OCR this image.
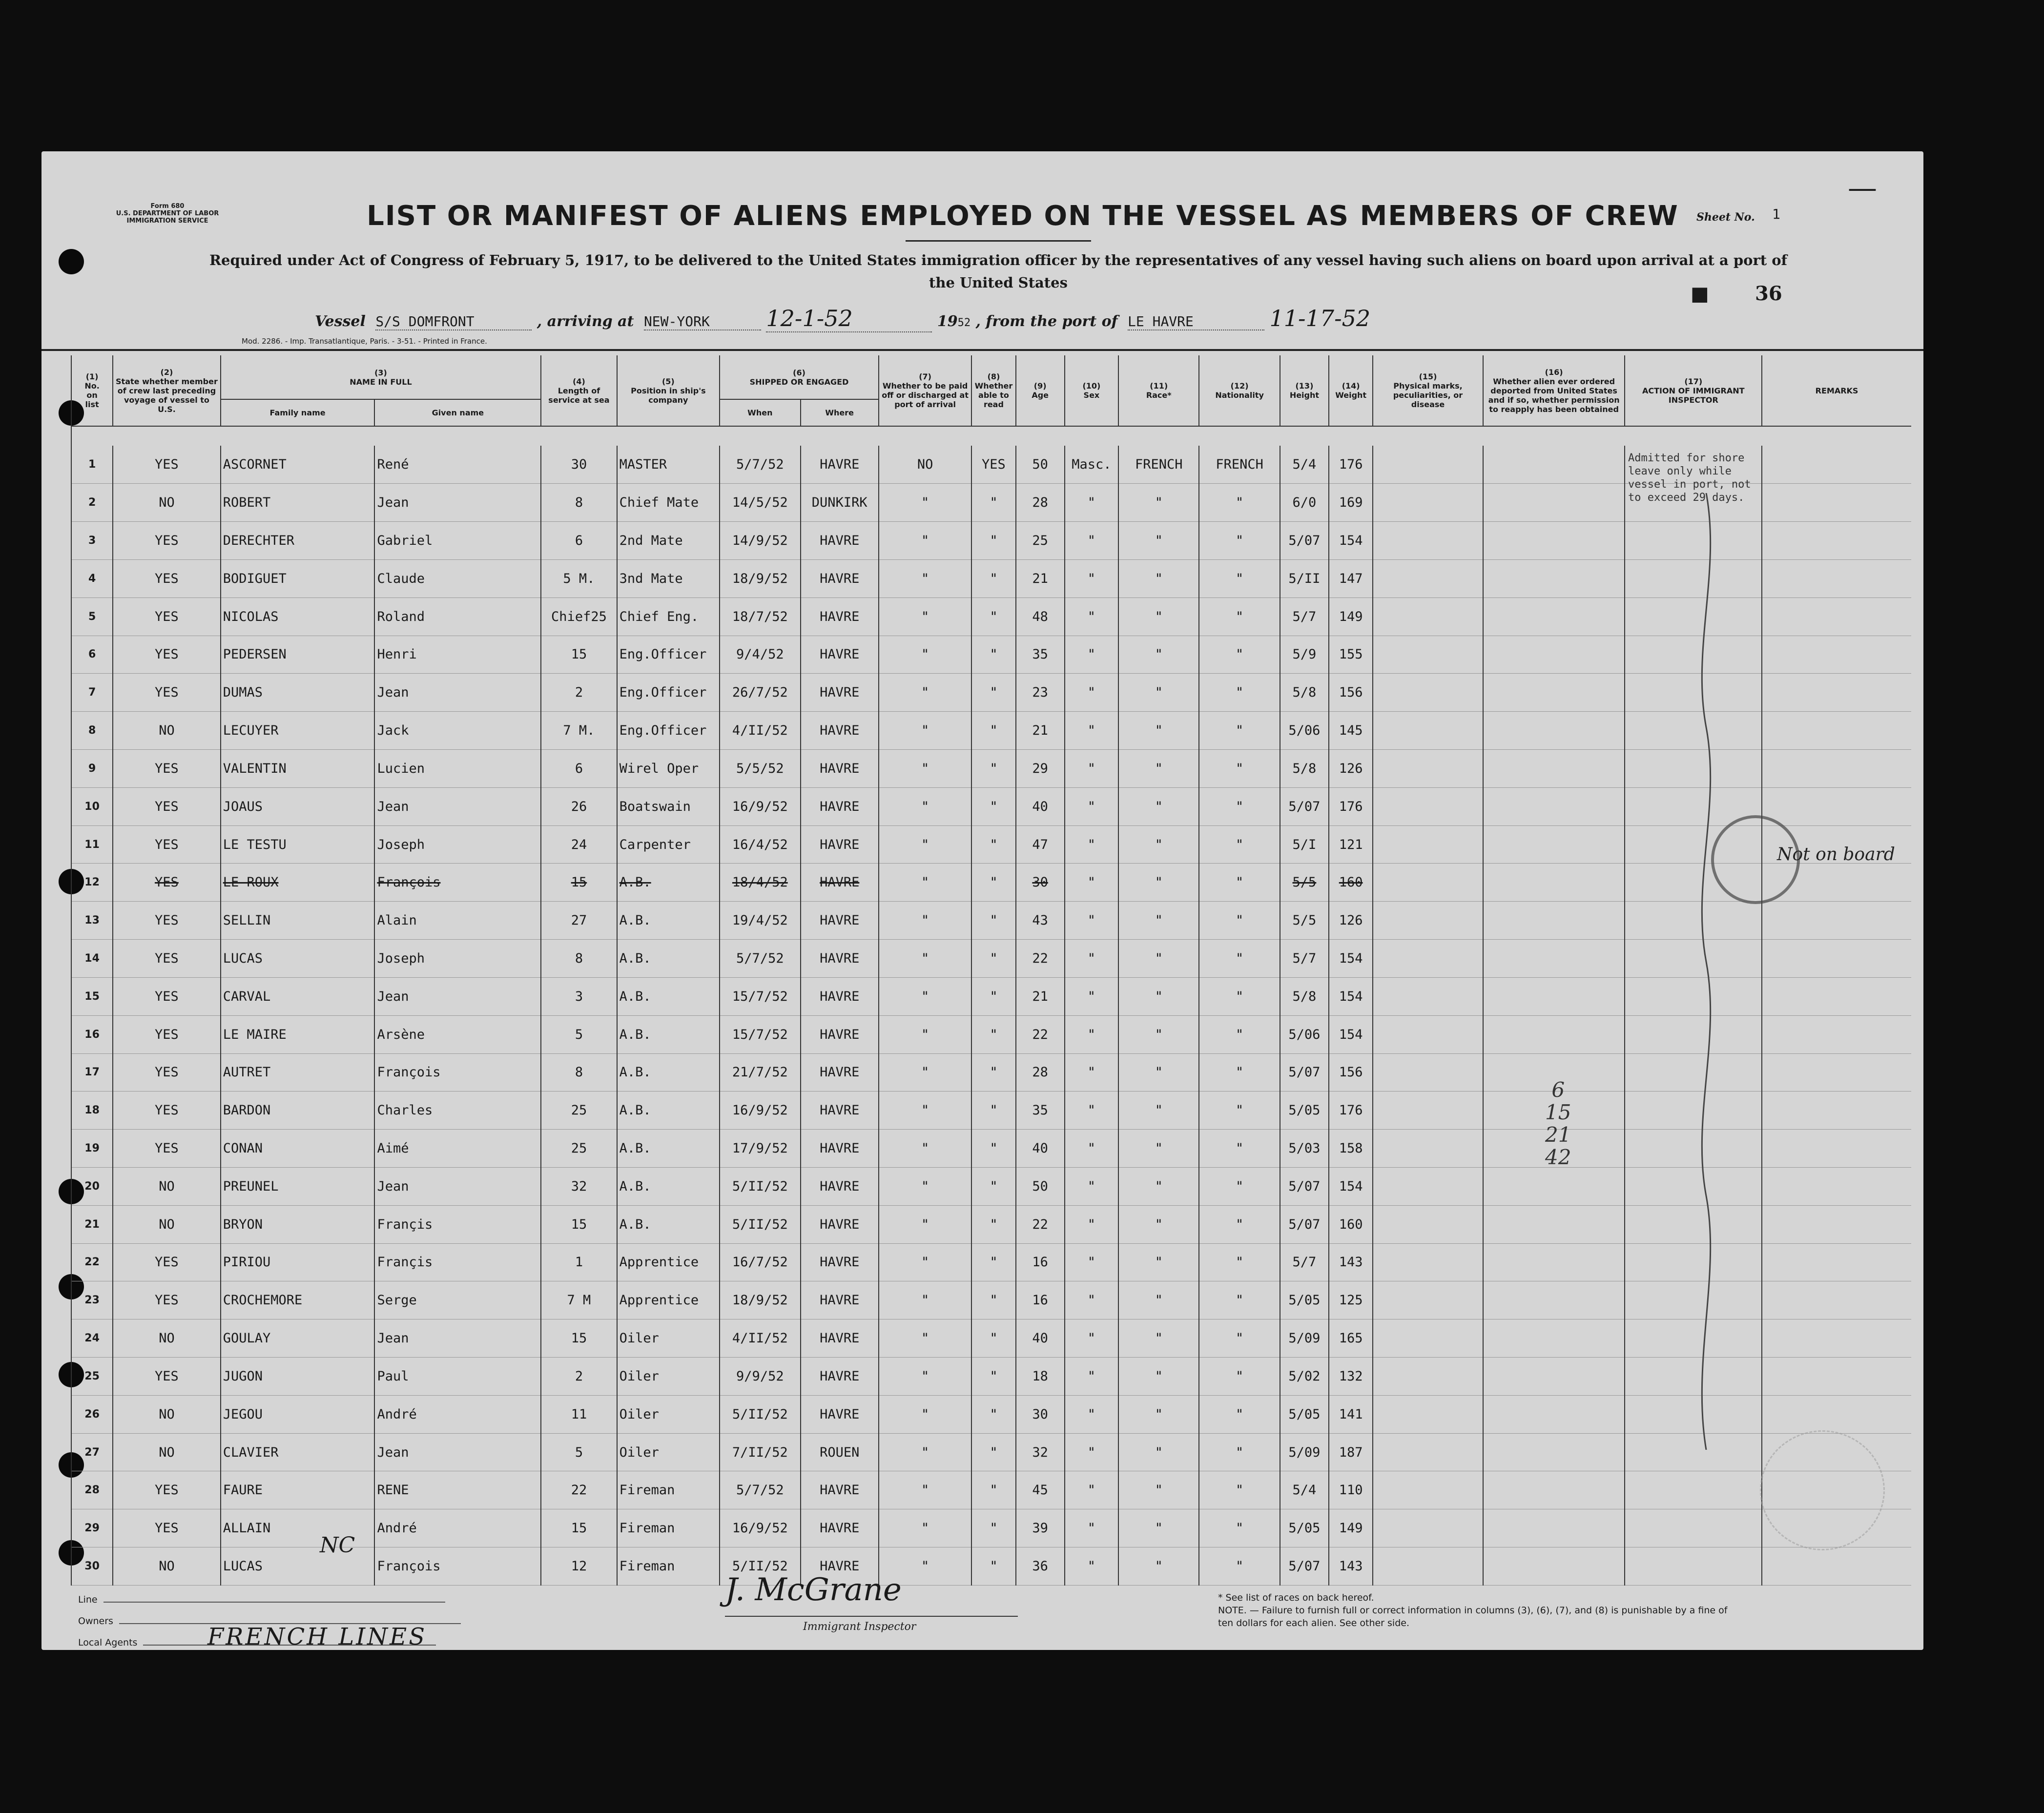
Form 680
U.S. DEPARTMENT OF LABOR
IMMIGRATION SERVICE	LIST OR MANIFEST OF ALIENS EMPLOYED ON THE VESSEL AS MEMBERS OF CREW	Sheet No. 1
—
Required under Act of Congress of February 5, 1917, to be delivered to the United States immigration officer by the representatives of any vessel having such aliens on board upon arrival at a port of the United States	■ 36
Vessel S/S DOMFRONT	, arriving at NEW-YORK	12-1-52	1952 , from the port of LE HAVRE	11-17-52
Mod. 2286. - Imp. Transatlantique, Paris. - 3-51. - Printed in France.
(1)
No.
on
list	(2)
State whether member of crew last preceding voyage of vessel to U.S.	(3)
NAME IN FULL		(4)
Length of service at sea	(5)
Position in ship's company	(6)
SHIPPED OR ENGAGED		(7)
Whether to be paid off or discharged at port of arrival	(8)
Whether able to read	(9)
Age	(10)
Sex	(11)
Race*	(12)
Nationality	(13)
Height	(14)
Weight	(15)
Physical marks, peculiarities, or disease	(16)
Whether alien ever ordered deported from United States and if so, whether permission to reapply has been obtained	(17)
ACTION OF IMMIGRANT INSPECTOR	REMARKS
		Family name	Given name			When	Where												

1	YES	ASCORNET	René	30	MASTER	5/7/52	HAVRE	NO	YES	50	Masc.	FRENCH	FRENCH	5/4	176				
2	NO	ROBERT	Jean	8	Chief Mate	14/5/52	DUNKIRK	"	"	28	"	"	"	6/0	169				
3	YES	DERECHTER	Gabriel	6	2nd Mate	14/9/52	HAVRE	"	"	25	"	"	"	5/07	154				
4	YES	BODIGUET	Claude	5 M.	3nd Mate	18/9/52	HAVRE	"	"	21	"	"	"	5/II	147				
5	YES	NICOLAS	Roland	Chief25	Chief Eng.	18/7/52	HAVRE	"	"	48	"	"	"	5/7	149				
6	YES	PEDERSEN	Henri	15	Eng.Officer	9/4/52	HAVRE	"	"	35	"	"	"	5/9	155				
7	YES	DUMAS	Jean	2	Eng.Officer	26/7/52	HAVRE	"	"	23	"	"	"	5/8	156				
8	NO	LECUYER	Jack	7 M.	Eng.Officer	4/II/52	HAVRE	"	"	21	"	"	"	5/06	145				
9	YES	VALENTIN	Lucien	6	Wirel Oper	5/5/52	HAVRE	"	"	29	"	"	"	5/8	126				
10	YES	JOAUS	Jean	26	Boatswain	16/9/52	HAVRE	"	"	40	"	"	"	5/07	176				
11	YES	LE TESTU	Joseph	24	Carpenter	16/4/52	HAVRE	"	"	47	"	"	"	5/I	121				
12	YES	LE ROUX	François	15	A.B.	18/4/52	HAVRE	"	"	30	"	"	"	5/5	160				
13	YES	SELLIN	Alain	27	A.B.	19/4/52	HAVRE	"	"	43	"	"	"	5/5	126				
14	YES	LUCAS	Joseph	8	A.B.	5/7/52	HAVRE	"	"	22	"	"	"	5/7	154				
15	YES	CARVAL	Jean	3	A.B.	15/7/52	HAVRE	"	"	21	"	"	"	5/8	154				
16	YES	LE MAIRE	Arsène	5	A.B.	15/7/52	HAVRE	"	"	22	"	"	"	5/06	154				
17	YES	AUTRET	François	8	A.B.	21/7/52	HAVRE	"	"	28	"	"	"	5/07	156				
18	YES	BARDON	Charles	25	A.B.	16/9/52	HAVRE	"	"	35	"	"	"	5/05	176				
19	YES	CONAN	Aimé	25	A.B.	17/9/52	HAVRE	"	"	40	"	"	"	5/03	158				
20	NO	PREUNEL	Jean	32	A.B.	5/II/52	HAVRE	"	"	50	"	"	"	5/07	154				
21	NO	BRYON	Françis	15	A.B.	5/II/52	HAVRE	"	"	22	"	"	"	5/07	160				
22	YES	PIRIOU	Françis	1	Apprentice	16/7/52	HAVRE	"	"	16	"	"	"	5/7	143				
23	YES	CROCHEMORE	Serge	7 M	Apprentice	18/9/52	HAVRE	"	"	16	"	"	"	5/05	125				
24	NO	GOULAY	Jean	15	Oiler	4/II/52	HAVRE	"	"	40	"	"	"	5/09	165				
25	YES	JUGON	Paul	2	Oiler	9/9/52	HAVRE	"	"	18	"	"	"	5/02	132				
26	NO	JEGOU	André	11	Oiler	5/II/52	HAVRE	"	"	30	"	"	"	5/05	141				
27	NO	CLAVIER	Jean	5	Oiler	7/II/52	ROUEN	"	"	32	"	"	"	5/09	187				
28	YES	FAURE	RENE	22	Fireman	5/7/52	HAVRE	"	"	45	"	"	"	5/4	110				
29	YES	ALLAIN	André	15	Fireman	16/9/52	HAVRE	"	"	39	"	"	"	5/05	149				
30	NO	LUCAS	François	12	Fireman	5/II/52	HAVRE	"	"	36	"	"	"	5/07	143				
Admitted for shore leave only while vessel in port, not to exceed 29 days.
Not on board
6
15
21
42
NC
Line
Owners
Local Agents	FRENCH LINES
J. McGrane
Immigrant Inspector
* See list of races on back hereof.
NOTE. — Failure to furnish full or correct information in columns (3), (6), (7), and (8) is punishable by a fine of ten dollars for each alien. See other side.
